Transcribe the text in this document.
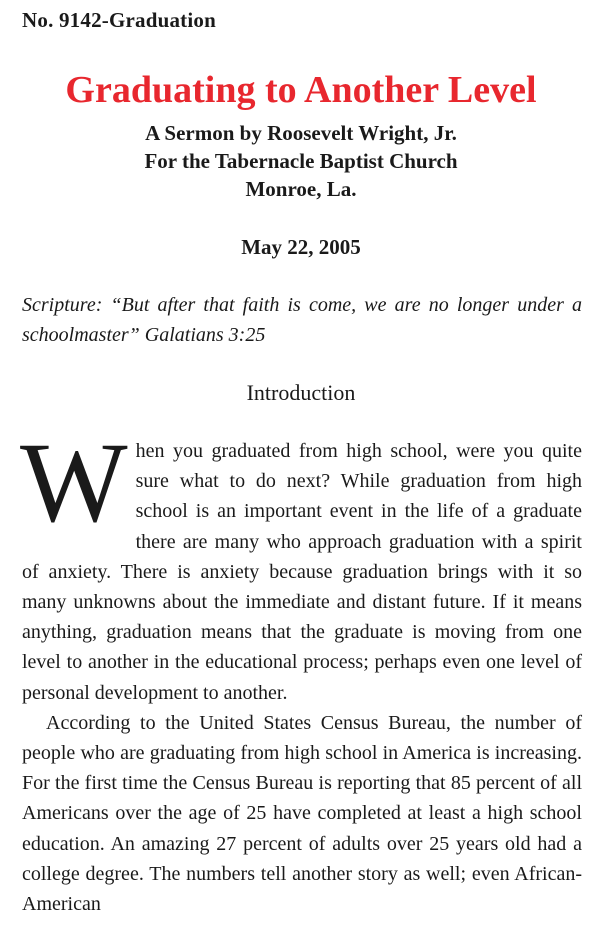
No. 9142-Graduation
Graduating to Another Level
A Sermon by Roosevelt Wright, Jr.
For the Tabernacle Baptist Church
Monroe, La.
May 22, 2005
Scripture: “But after that faith is come, we are no longer under a schoolmaster” Galatians 3:25
Introduction

When you graduated from high school, were you quite sure what to do next? While graduation from high school is an important event in the life of a graduate there are many who approach graduation with a spirit of anxiety. There is anxiety because graduation brings with it so many unknowns about the immediate and distant future. If it means anything, graduation means that the graduate is moving from one level to another in the educational process; perhaps even one level of personal development to another.

According to the United States Census Bureau, the number of people who are graduating from high school in America is increasing. For the first time the Census Bureau is reporting that 85 percent of all Americans over the age of 25 have completed at least a high school education. An amazing 27 percent of adults over 25 years old had a college degree. The numbers tell another story as well; even African-American
